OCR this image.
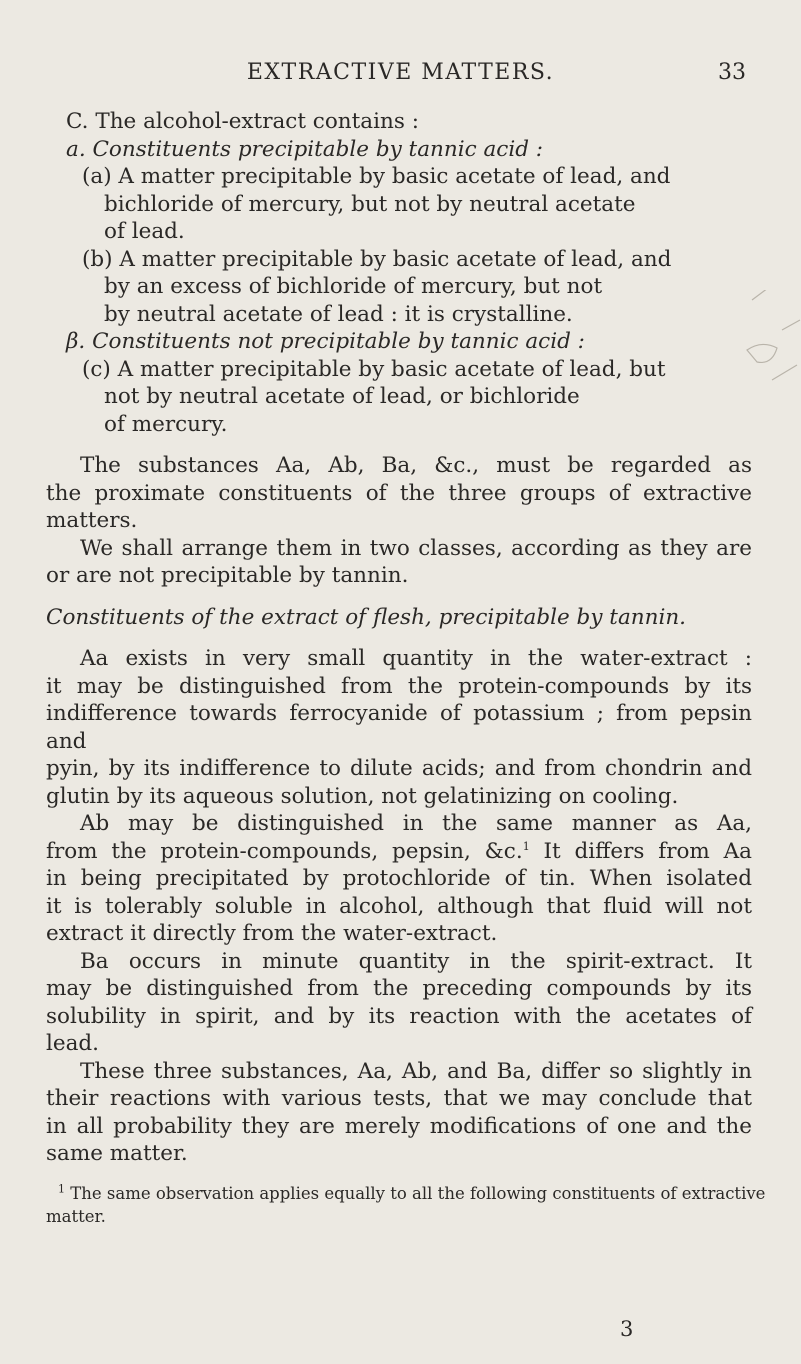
EXTRACTIVE MATTERS.	33
C. The alcohol-extract contains :
a. Constituents precipitable by tannic acid :
(a) A matter precipitable by basic acetate of lead, and
bichloride of mercury, but not by neutral acetate
of lead.
(b) A matter precipitable by basic acetate of lead, and
by an excess of bichloride of mercury, but not
by neutral acetate of lead : it is crystalline.
β. Constituents not precipitable by tannic acid :
(c) A matter precipitable by basic acetate of lead, but
not by neutral acetate of lead, or bichloride
of mercury.
The substances Aa, Ab, Ba, &c., must be regarded as
the proximate constituents of the three groups of extractive
matters.
We shall arrange them in two classes, according as they are
or are not precipitable by tannin.
Constituents of the extract of flesh, precipitable by tannin.
Aa exists in very small quantity in the water-extract :
it may be distinguished from the protein-compounds by its
indifference towards ferrocyanide of potassium ; from pepsin and
pyin, by its indifference to dilute acids; and from chondrin and
glutin by its aqueous solution, not gelatinizing on cooling.
Ab may be distinguished in the same manner as Aa,
from the protein-compounds, pepsin, &c.$^1$ It differs from Aa
in being precipitated by protochloride of tin. When isolated
it is tolerably soluble in alcohol, although that fluid will not
extract it directly from the water-extract.
Ba occurs in minute quantity in the spirit-extract. It
may be distinguished from the preceding compounds by its
solubility in spirit, and by its reaction with the acetates of
lead.
These three substances, Aa, Ab, and Ba, differ so slightly in
their reactions with various tests, that we may conclude that
in all probability they are merely modifications of one and the
same matter.
$^1$ The same observation applies equally to all the following constituents of extractive
matter.
3
